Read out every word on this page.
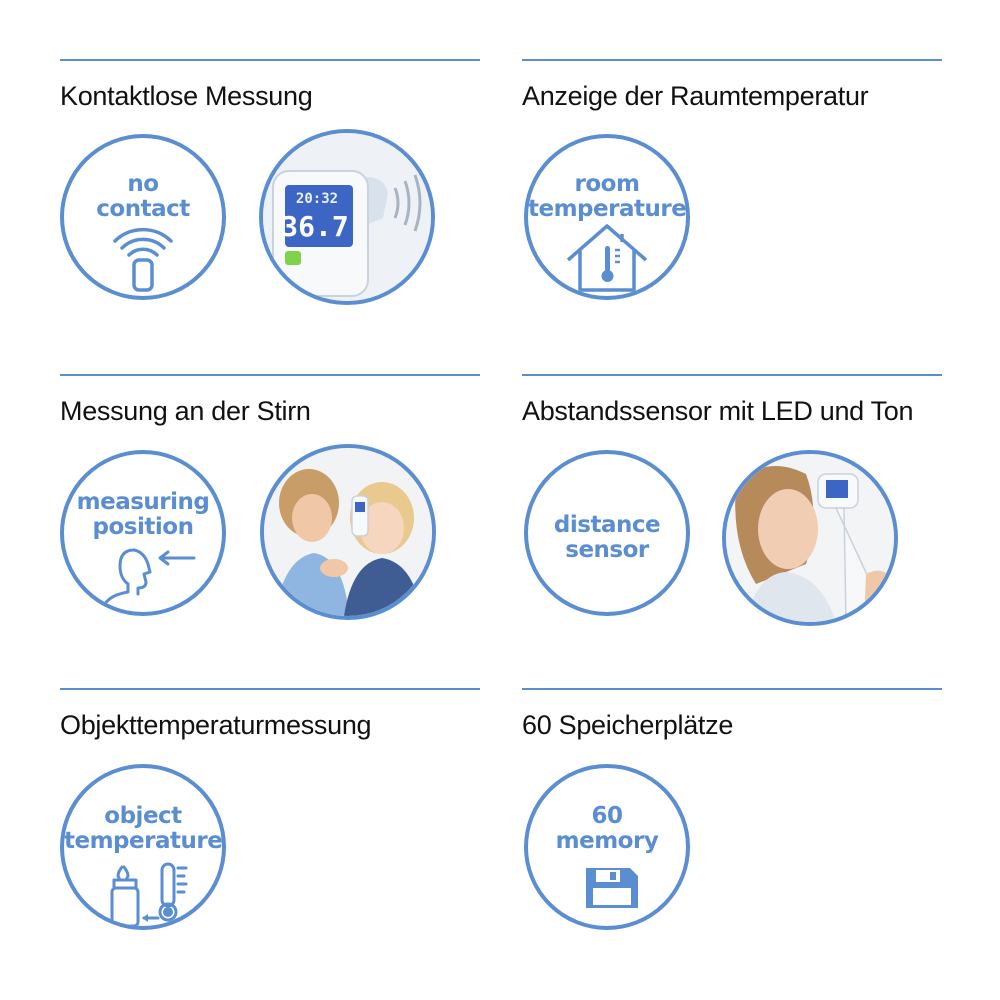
Kontaktlose Messung
no
contact	20:32
36.7
Anzeige der Raumtemperatur
room
temperature
Messung an der Stirn
measuring
position
Abstandssensor mit LED und Ton
distance
sensor
Objekttemperaturmessung
object
temperature
60 Speicherplätze
60
memory
